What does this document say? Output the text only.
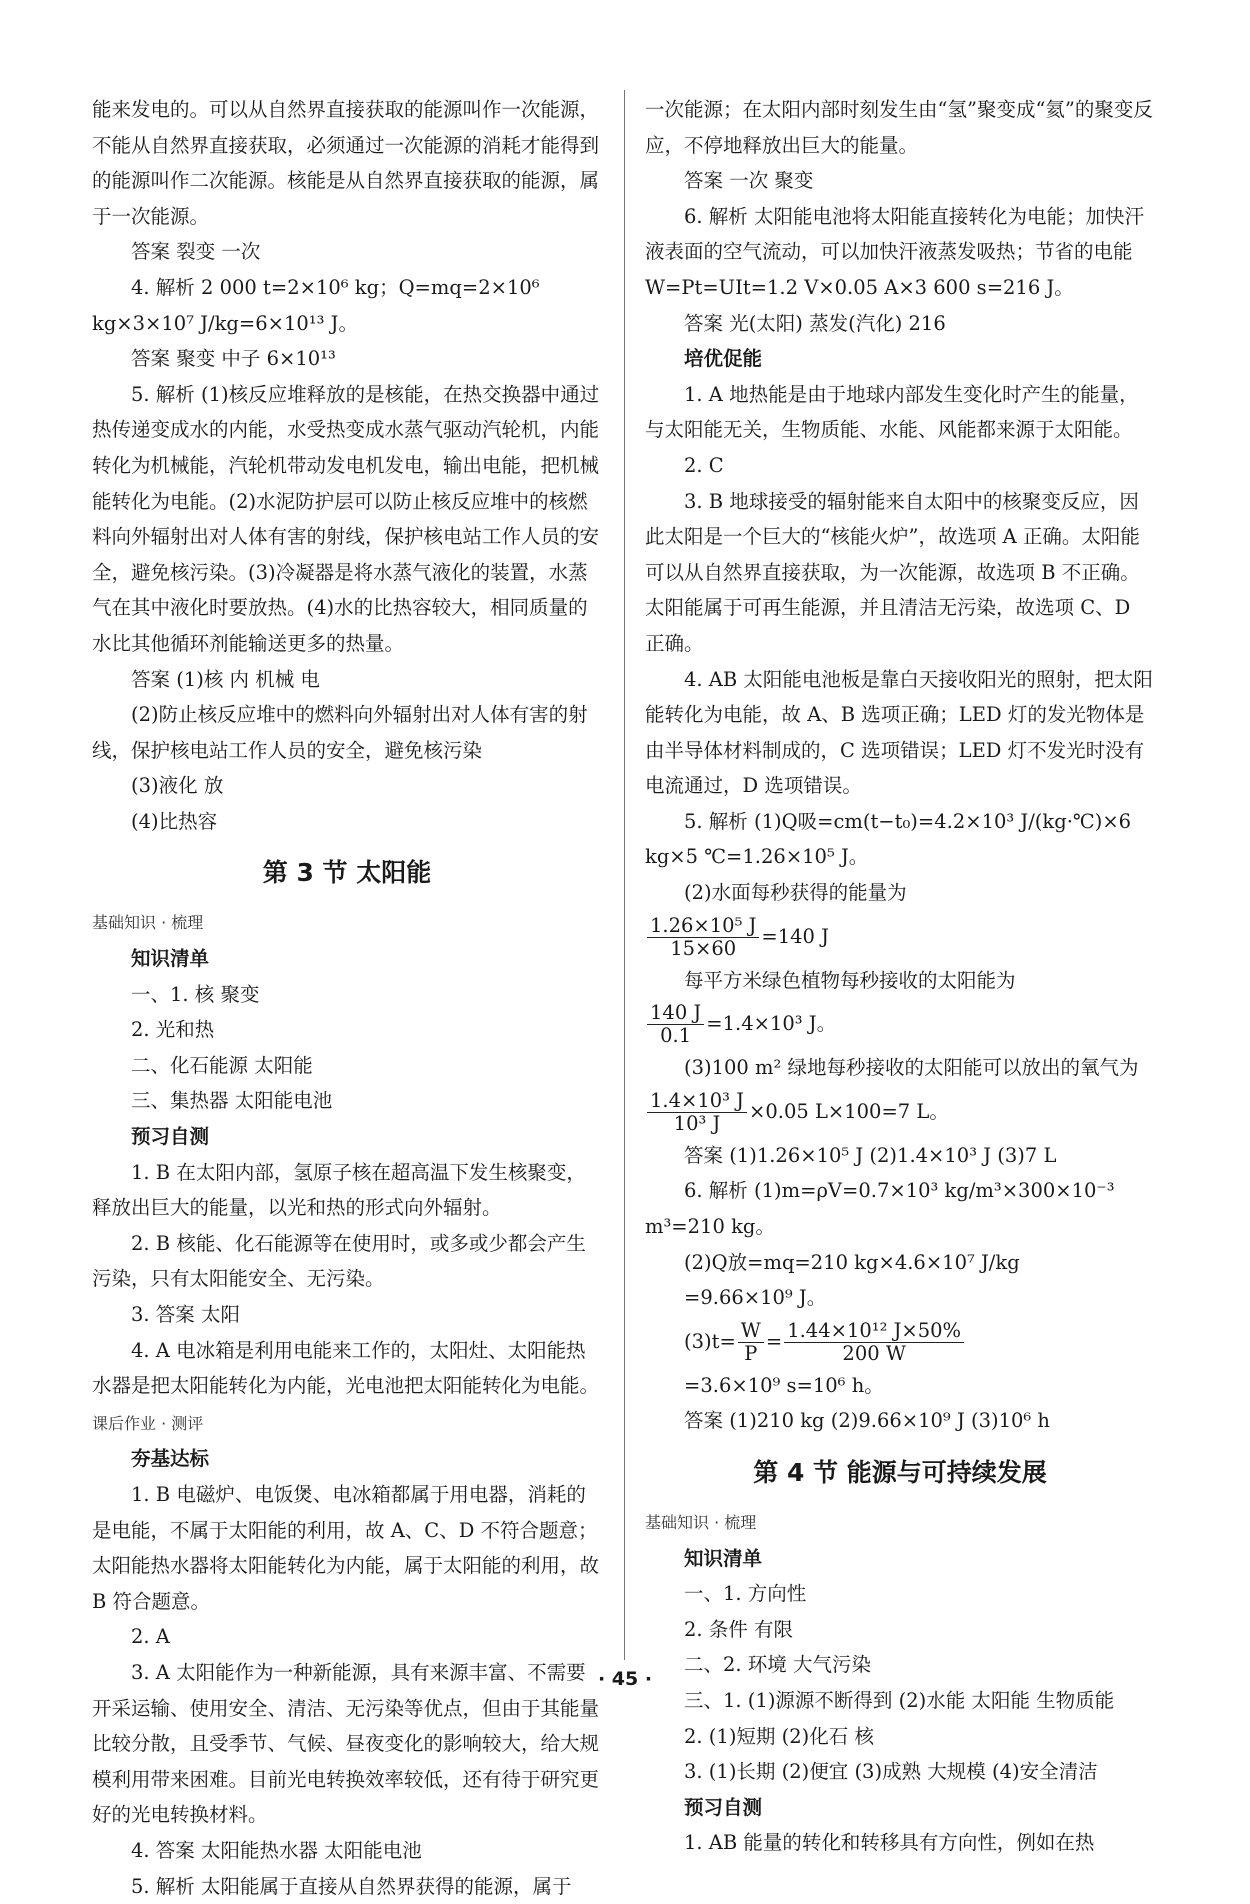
能来发电的。可以从自然界直接获取的能源叫作一次能源，不能从自然界直接获取，必须通过一次能源的消耗才能得到的能源叫作二次能源。核能是从自然界直接获取的能源，属于一次能源。

答案 裂变 一次

4. 解析 2 000 t=2×10⁶ kg；Q=mq=2×10⁶ kg×3×10⁷ J/kg=6×10¹³ J。

答案 聚变 中子 6×10¹³

5. 解析 (1)核反应堆释放的是核能，在热交换器中通过热传递变成水的内能，水受热变成水蒸气驱动汽轮机，内能转化为机械能，汽轮机带动发电机发电，输出电能，把机械能转化为电能。(2)水泥防护层可以防止核反应堆中的核燃料向外辐射出对人体有害的射线，保护核电站工作人员的安全，避免核污染。(3)冷凝器是将水蒸气液化的装置，水蒸气在其中液化时要放热。(4)水的比热容较大，相同质量的水比其他循环剂能输送更多的热量。

答案 (1)核 内 机械 电

(2)防止核反应堆中的燃料向外辐射出对人体有害的射线，保护核电站工作人员的安全，避免核污染

(3)液化 放

(4)比热容

第 3 节 太阳能

基础知识 · 梳理

知识清单

一、1. 核 聚变

2. 光和热

二、化石能源 太阳能

三、集热器 太阳能电池

预习自测

1. B 在太阳内部，氢原子核在超高温下发生核聚变，释放出巨大的能量，以光和热的形式向外辐射。

2. B 核能、化石能源等在使用时，或多或少都会产生污染，只有太阳能安全、无污染。

3. 答案 太阳

4. A 电冰箱是利用电能来工作的，太阳灶、太阳能热水器是把太阳能转化为内能，光电池把太阳能转化为电能。

课后作业 · 测评

夯基达标

1. B 电磁炉、电饭煲、电冰箱都属于用电器，消耗的是电能，不属于太阳能的利用，故 A、C、D 不符合题意；太阳能热水器将太阳能转化为内能，属于太阳能的利用，故 B 符合题意。

2. A

3. A 太阳能作为一种新能源，具有来源丰富、不需要开采运输、使用安全、清洁、无污染等优点，但由于其能量比较分散，且受季节、气候、昼夜变化的影响较大，给大规模利用带来困难。目前光电转换效率较低，还有待于研究更好的光电转换材料。

4. 答案 太阳能热水器 太阳能电池

5. 解析 太阳能属于直接从自然界获得的能源，属于

一次能源；在太阳内部时刻发生由“氢”聚变成“氦”的聚变反应，不停地释放出巨大的能量。

答案 一次 聚变

6. 解析 太阳能电池将太阳能直接转化为电能；加快汗液表面的空气流动，可以加快汗液蒸发吸热；节省的电能 W=Pt=UIt=1.2 V×0.05 A×3 600 s=216 J。

答案 光(太阳) 蒸发(汽化) 216

培优促能

1. A 地热能是由于地球内部发生变化时产生的能量，与太阳能无关，生物质能、水能、风能都来源于太阳能。

2. C

3. B 地球接受的辐射能来自太阳中的核聚变反应，因此太阳是一个巨大的“核能火炉”，故选项 A 正确。太阳能可以从自然界直接获取，为一次能源，故选项 B 不正确。太阳能属于可再生能源，并且清洁无污染，故选项 C、D 正确。

4. AB 太阳能电池板是靠白天接收阳光的照射，把太阳能转化为电能，故 A、B 选项正确；LED 灯的发光物体是由半导体材料制成的，C 选项错误；LED 灯不发光时没有电流通过，D 选项错误。

5. 解析 (1)Q吸=cm(t−t₀)=4.2×10³ J/(kg·℃)×6 kg×5 ℃=1.26×10⁵ J。

(2)水面每秒获得的能量为

$\frac{\text{1.26×10⁵ J}}{15\times 60} =140$ J

每平方米绿色植物每秒接收的太阳能为

$\frac{140 J}{0.1} =1.4\times 10^3$ J。

(3)100 m² 绿地每秒接收的太阳能可以放出的氧气为

$\frac{\text{1.4×10³ J}}{\text{10³ J}} \times 0.05$ L×100=7 L。

答案 (1)1.26×10⁵ J (2)1.4×10³ J (3)7 L

6. 解析 (1)m=ρV=0.7×10³ kg/m³×300×10⁻³ m³=210 kg。

(2)Q放=mq=210 kg×4.6×10⁷ J/kg

=9.66×10⁹ J。

$(3)t= \frac{W}{P} = \frac{\text{1.44×10¹² J×50\%}}{200 W}$

=3.6×10⁹ s=10⁶ h。

答案 (1)210 kg (2)9.66×10⁹ J (3)10⁶ h

第 4 节 能源与可持续发展

基础知识 · 梳理

知识清单

一、1. 方向性

2. 条件 有限

二、2. 环境 大气污染

三、1. (1)源源不断得到 (2)水能 太阳能 生物质能

2. (1)短期 (2)化石 核

3. (1)长期 (2)便宜 (3)成熟 大规模 (4)安全清洁

预习自测

1. AB 能量的转化和转移具有方向性，例如在热

· 45 ·
